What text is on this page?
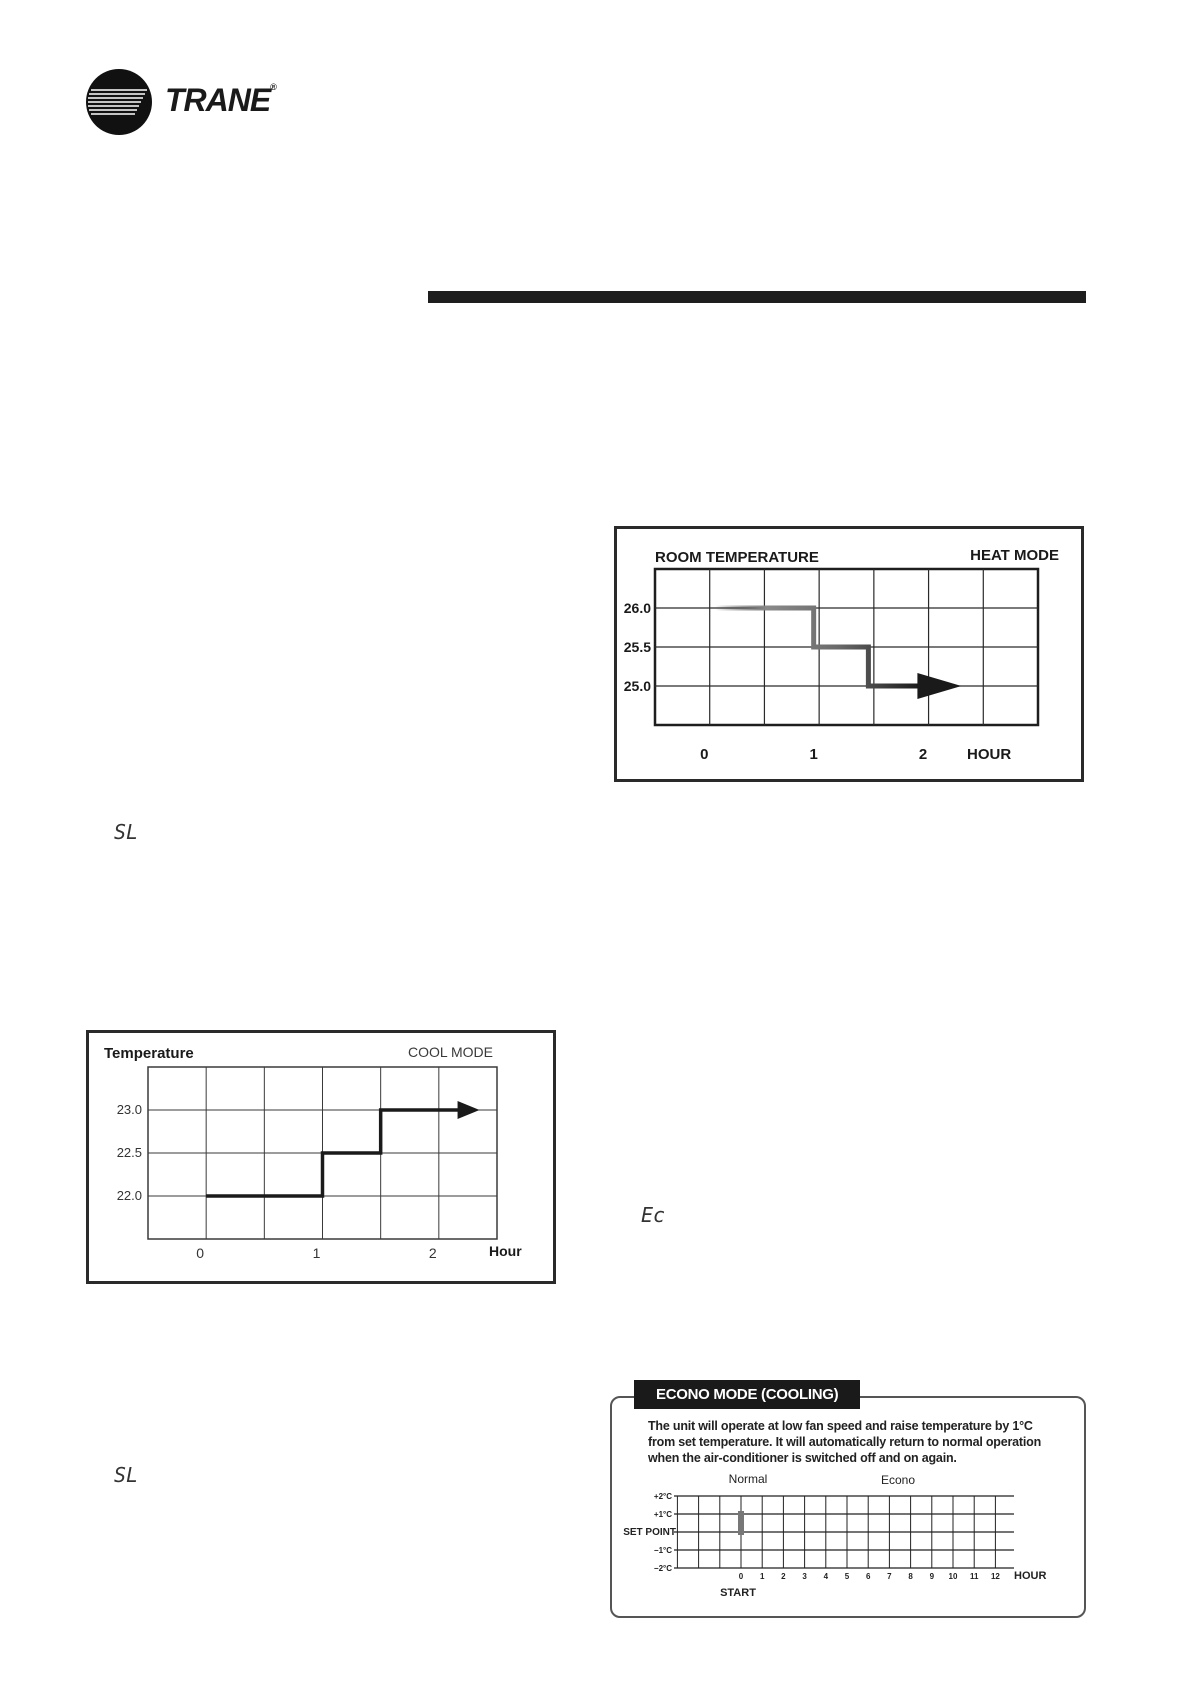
TRANE®
SL
Ec
SL
ROOM TEMPERATURE	HEAT MODE
26.0
25.5
25.0
0	1	2	HOUR
Temperature	COOL MODE
23.0
22.5
22.0
0	1	2	Hour
ECONO MODE (COOLING)
The unit will operate at low fan speed and raise temperature by 1°C
from set temperature. It will automatically return to normal operation
when the air-conditioner is switched off and on again.
Normal	Econo
+2°C
+1°C
SET POINT
−1°C
−2°C
0 1 2 3 4 5 6 7 8 9 10 11 12 HOUR
START
